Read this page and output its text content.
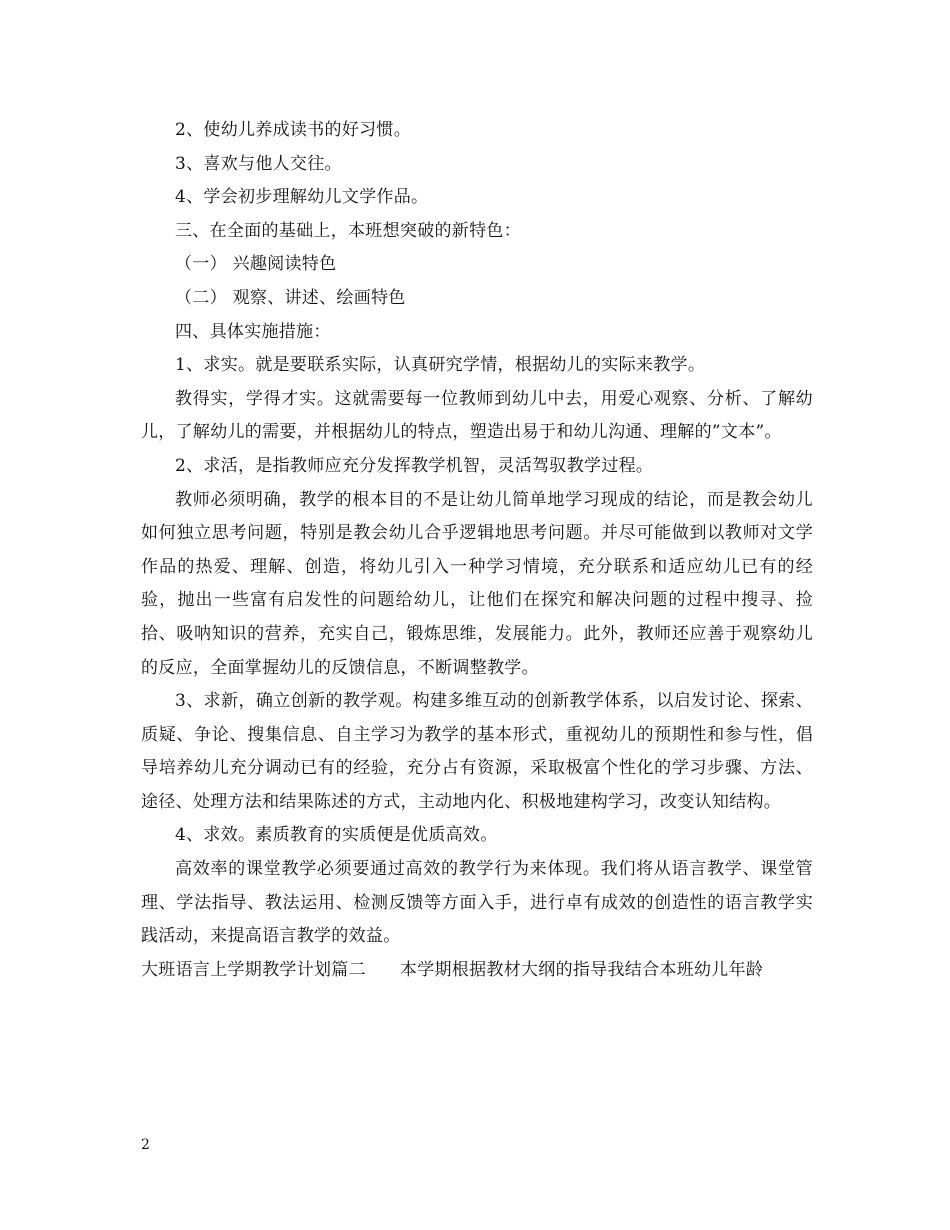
2、使幼儿养成读书的好习惯。

3、喜欢与他人交往。

4、学会初步理解幼儿文学作品。

三、在全面的基础上，本班想突破的新特色：

（一） 兴趣阅读特色

（二） 观察、讲述、绘画特色

四、具体实施措施：

1、求实。就是要联系实际，认真研究学情，根据幼儿的实际来教学。

教得实，学得才实。这就需要每一位教师到幼儿中去，用爱心观察、分析、了解幼儿，了解幼儿的需要，并根据幼儿的特点，塑造出易于和幼儿沟通、理解的”文本”。

2、求活，是指教师应充分发挥教学机智，灵活驾驭教学过程。

教师必须明确，教学的根本目的不是让幼儿简单地学习现成的结论，而是教会幼儿如何独立思考问题，特别是教会幼儿合乎逻辑地思考问题。并尽可能做到以教师对文学作品的热爱、理解、创造，将幼儿引入一种学习情境，充分联系和适应幼儿已有的经验，抛出一些富有启发性的问题给幼儿，让他们在探究和解决问题的过程中搜寻、捡拾、吸呐知识的营养，充实自己，锻炼思维，发展能力。此外，教师还应善于观察幼儿的反应，全面掌握幼儿的反馈信息，不断调整教学。

3、求新，确立创新的教学观。构建多维互动的创新教学体系，以启发讨论、探索、质疑、争论、搜集信息、自主学习为教学的基本形式，重视幼儿的预期性和参与性，倡导培养幼儿充分调动已有的经验，充分占有资源，采取极富个性化的学习步骤、方法、途径、处理方法和结果陈述的方式，主动地内化、积极地建构学习，改变认知结构。

4、求效。素质教育的实质便是优质高效。

高效率的课堂教学必须要通过高效的教学行为来体现。我们将从语言教学、课堂管理、学法指导、教法运用、检测反馈等方面入手，进行卓有成效的创造性的语言教学实践活动，来提高语言教学的效益。

大班语言上学期教学计划篇二 本学期根据教材大纲的指导我结合本班幼儿年龄

2
